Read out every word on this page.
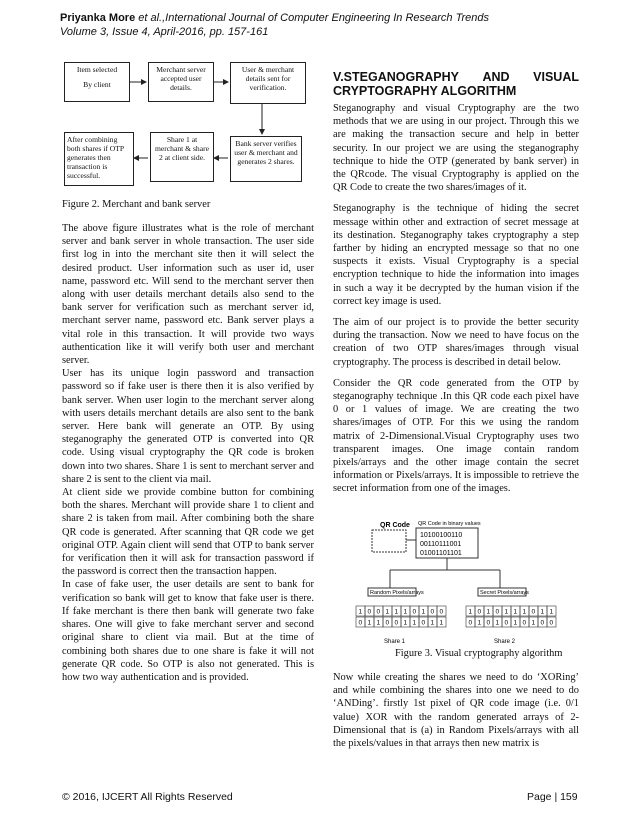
Priyanka More et al.,International Journal of Computer Engineering In Research Trends
Volume 3, Issue 4, April-2016, pp. 157-161
Item selected
By client
Merchant server accepted user details.
User & merchant details sent for verification.
After combining both shares if OTP generates then transaction is successful.
Share 1 at merchant & share 2 at client side.
Bank server verifies user & merchant and generates 2 shares.
Figure 2. Merchant and bank server

The above figure illustrates what is the role of merchant server and bank server in whole transaction. The user side first log in into the merchant site then it will select the desired product. User information such as user id, user name, password etc. Will send to the merchant server then along with user details merchant details also send to the bank server for verification such as merchant server id, merchant server name, password etc. Bank server plays a vital role in this transaction. It will provide two ways authentication like it will verify both user and merchant server.

User has its unique login password and transaction password so if fake user is there then it is also verified by bank server. When user login to the merchant server along with users details merchant details are also sent to the bank server. Here bank will generate an OTP. By using steganography the generated OTP is converted into QR code. Using visual cryptography the QR code is broken down into two shares. Share 1 is sent to merchant server and share 2 is sent to the client via mail.

At client side we provide combine button for combining both the shares. Merchant will provide share 1 to client and share 2 is taken from mail. After combining both the share QR code is generated. After scanning that QR code we get original OTP. Again client will send that OTP to bank server for verification then it will ask for transaction password if the password is correct then the transaction happen.

In case of fake user, the user details are sent to bank for verification so bank will get to know that fake user is there. If fake merchant is there then bank will generate two fake shares. One will give to fake merchant server and second original share to client via mail. But at the time of combining both shares due to one share is fake it will not generate QR code. So OTP is also not generated. This is how two way authentication and is provided.

V.STEGANOGRAPHY AND VISUAL
CRYPTOGRAPHY ALGORITHM

Steganography and visual Cryptography are the two methods that we are using in our project. Through this we are making the transaction secure and help in better security. In our project we are using the steganography technique to hide the OTP (generated by bank server) in the QRcode. The visual Cryptography is applied on the QR Code to create the two shares/images of it.

Steganography is the technique of hiding the secret message within other and extraction of secret message at its destination. Steganography takes cryptography a step farther by hiding an encrypted message so that no one suspects it exists. Visual Cryptography is a special encryption technique to hide the information into images in such a way it be decrypted by the human vision if the correct key image is used.

The aim of our project is to provide the better security during the transaction. Now we need to have focus on the creation of two OTP shares/images through visual cryptography. The process is described in detail below.

Consider the QR code generated from the OTP by steganography technique .In this QR code each pixel have 0 or 1 values of image. We are creating the two shares/images of OTP. For this we using the random matrix of 2-Dimensional.Visual Cryptography uses two transparent images. One image contain random pixels/arrays and the other image contain the secret information or Pixels/arrays. It is impossible to retrieve the secret information from one of the images.

QR Code QR Code in binary values
10100100110
00110111001
01001101101
Random Pixels/arrays	Secret Pixels/arrays
1 0 0 1 1 1 0 1 0 0
0 1 1 0 0 1 1 0 1 1
1 0 1 0 1 1 1 0 1 1
0 1 0 1 0 1 0 1 0 0
Share 1	Share 2
Figure 3. Visual cryptography algorithm

Now while creating the shares we need to do ‘XORing’ and while combining the shares into one we need to do ‘ANDing’. firstly 1st pixel of QR code image (i.e. 0/1 value) XOR with the random generated arrays of 2-Dimensional that is (a) in Random Pixels/arrays with all the pixels/values in that arrays then new matrix is

© 2016, IJCERT All Rights Reserved	Page | 159
